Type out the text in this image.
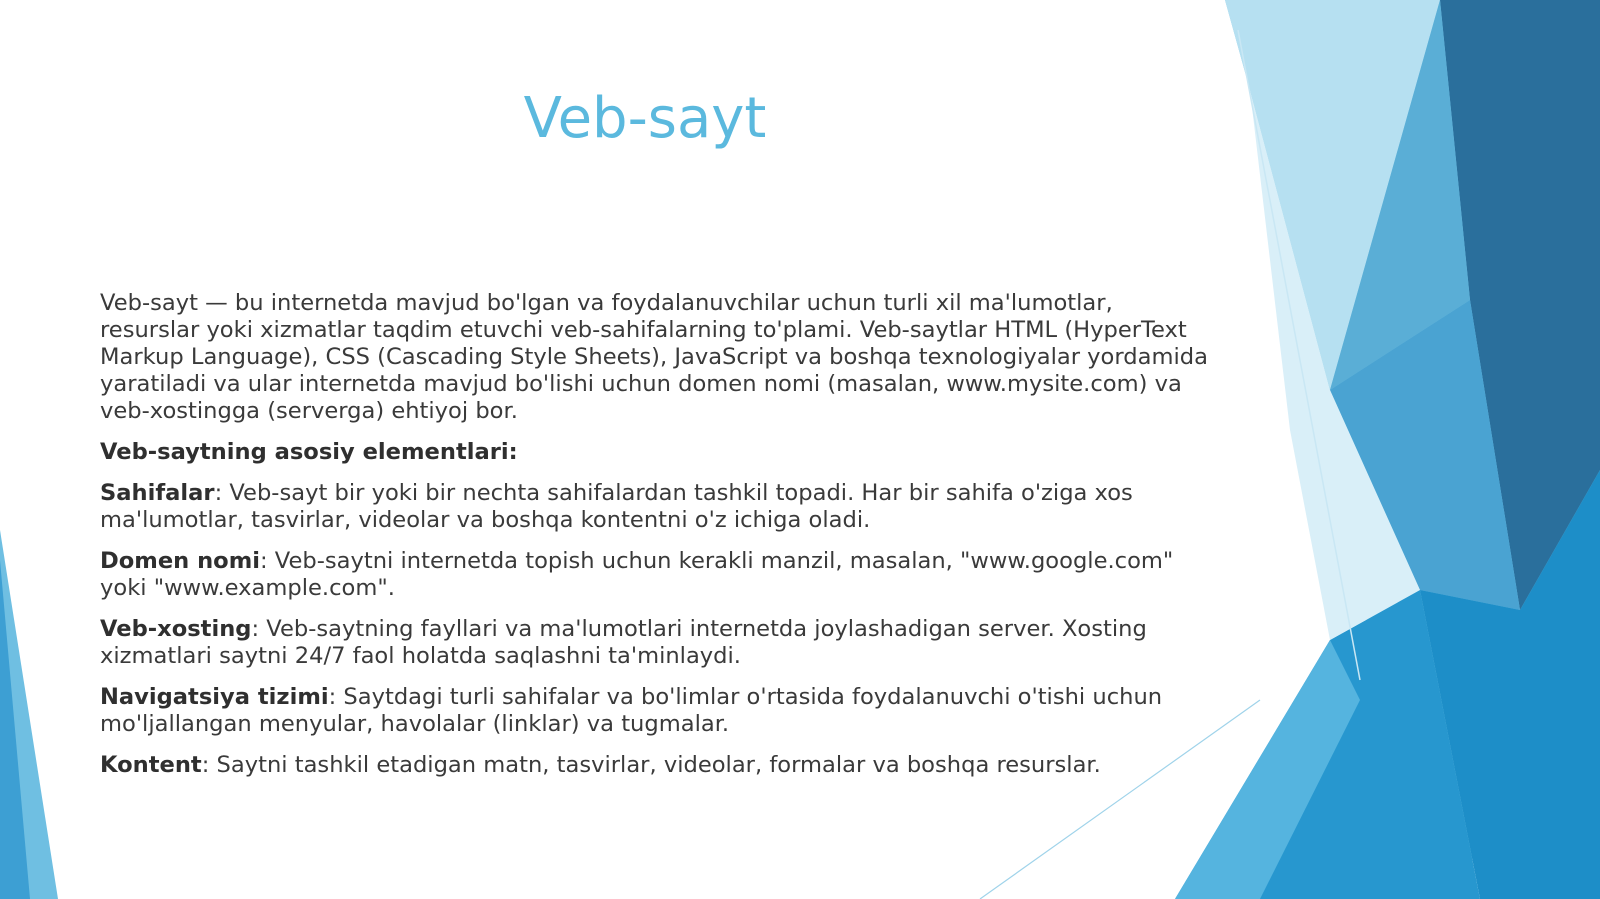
Veb-sayt

Veb-sayt — bu internetda mavjud bo'lgan va foydalanuvchilar uchun turli xil ma'lumotlar, resurslar yoki xizmatlar taqdim etuvchi veb-sahifalarning to'plami. Veb-saytlar HTML (HyperText Markup Language), CSS (Cascading Style Sheets), JavaScript va boshqa texnologiyalar yordamida yaratiladi va ular internetda mavjud bo'lishi uchun domen nomi (masalan, www.mysite.com) va veb-xostingga (serverga) ehtiyoj bor.

Veb-saytning asosiy elementlari:

Sahifalar: Veb-sayt bir yoki bir nechta sahifalardan tashkil topadi. Har bir sahifa o'ziga xos ma'lumotlar, tasvirlar, videolar va boshqa kontentni o'z ichiga oladi.

Domen nomi: Veb-saytni internetda topish uchun kerakli manzil, masalan, "www.google.com" yoki "www.example.com".

Veb-xosting: Veb-saytning fayllari va ma'lumotlari internetda joylashadigan server. Xosting xizmatlari saytni 24/7 faol holatda saqlashni ta'minlaydi.

Navigatsiya tizimi: Saytdagi turli sahifalar va bo'limlar o'rtasida foydalanuvchi o'tishi uchun mo'ljallangan menyular, havolalar (linklar) va tugmalar.

Kontent: Saytni tashkil etadigan matn, tasvirlar, videolar, formalar va boshqa resurslar.
